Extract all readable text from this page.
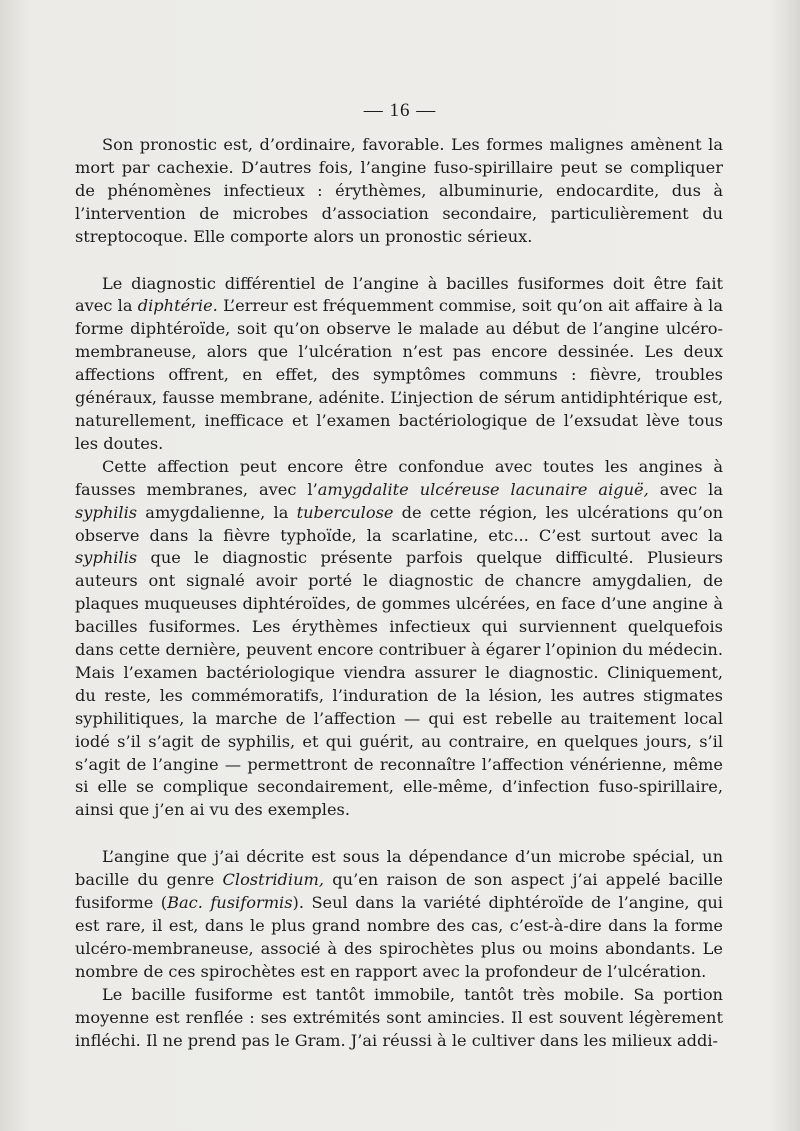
— 16 —

Son pronostic est, d’ordinaire, favorable. Les formes malignes amènent la mort par cachexie. D’autres fois, l’angine fuso-spirillaire peut se compliquer de phénomènes infectieux : érythèmes, albuminurie, endocardite, dus à l’intervention de microbes d’association secondaire, particulièrement du streptocoque. Elle comporte alors un pronostic sérieux.

Le diagnostic différentiel de l’angine à bacilles fusiformes doit être fait avec la diphtérie. L’erreur est fréquemment commise, soit qu’on ait affaire à la forme diphtéroïde, soit qu’on observe le malade au début de l’angine ulcéro-membraneuse, alors que l’ulcération n’est pas encore dessinée. Les deux affections offrent, en effet, des symptômes communs : fièvre, troubles généraux, fausse membrane, adénite. L’injection de sérum antidiphtérique est, naturellement, inefficace et l’examen bactériologique de l’exsudat lève tous les doutes.

Cette affection peut encore être confondue avec toutes les angines à fausses membranes, avec l’amygdalite ulcéreuse lacunaire aiguë, avec la syphilis amygdalienne, la tuberculose de cette région, les ulcérations qu’on observe dans la fièvre typhoïde, la scarlatine, etc... C’est surtout avec la syphilis que le diagnostic présente parfois quelque difficulté. Plusieurs auteurs ont signalé avoir porté le diagnostic de chancre amygdalien, de plaques muqueuses diphtéroïdes, de gommes ulcérées, en face d’une angine à bacilles fusiformes. Les érythèmes infectieux qui surviennent quelquefois dans cette dernière, peuvent encore contribuer à égarer l’opinion du médecin. Mais l’examen bactériologique viendra assurer le diagnostic. Cliniquement, du reste, les commémoratifs, l’induration de la lésion, les autres stigmates syphilitiques, la marche de l’affection — qui est rebelle au traitement local iodé s’il s’agit de syphilis, et qui guérit, au contraire, en quelques jours, s’il s’agit de l’angine — permettront de reconnaître l’affection vénérienne, même si elle se complique secondairement, elle-même, d’infection fuso-spirillaire, ainsi que j’en ai vu des exemples.

L’angine que j’ai décrite est sous la dépendance d’un microbe spécial, un bacille du genre Clostridium, qu’en raison de son aspect j’ai appelé bacille fusiforme (Bac. fusiformis). Seul dans la variété diphtéroïde de l’angine, qui est rare, il est, dans le plus grand nombre des cas, c’est-à-dire dans la forme ulcéro-membraneuse, associé à des spirochètes plus ou moins abondants. Le nombre de ces spirochètes est en rapport avec la profondeur de l’ulcération.

Le bacille fusiforme est tantôt immobile, tantôt très mobile. Sa portion moyenne est renflée : ses extrémités sont amincies. Il est souvent légèrement infléchi. Il ne prend pas le Gram. J’ai réussi à le cultiver dans les milieux addi-
